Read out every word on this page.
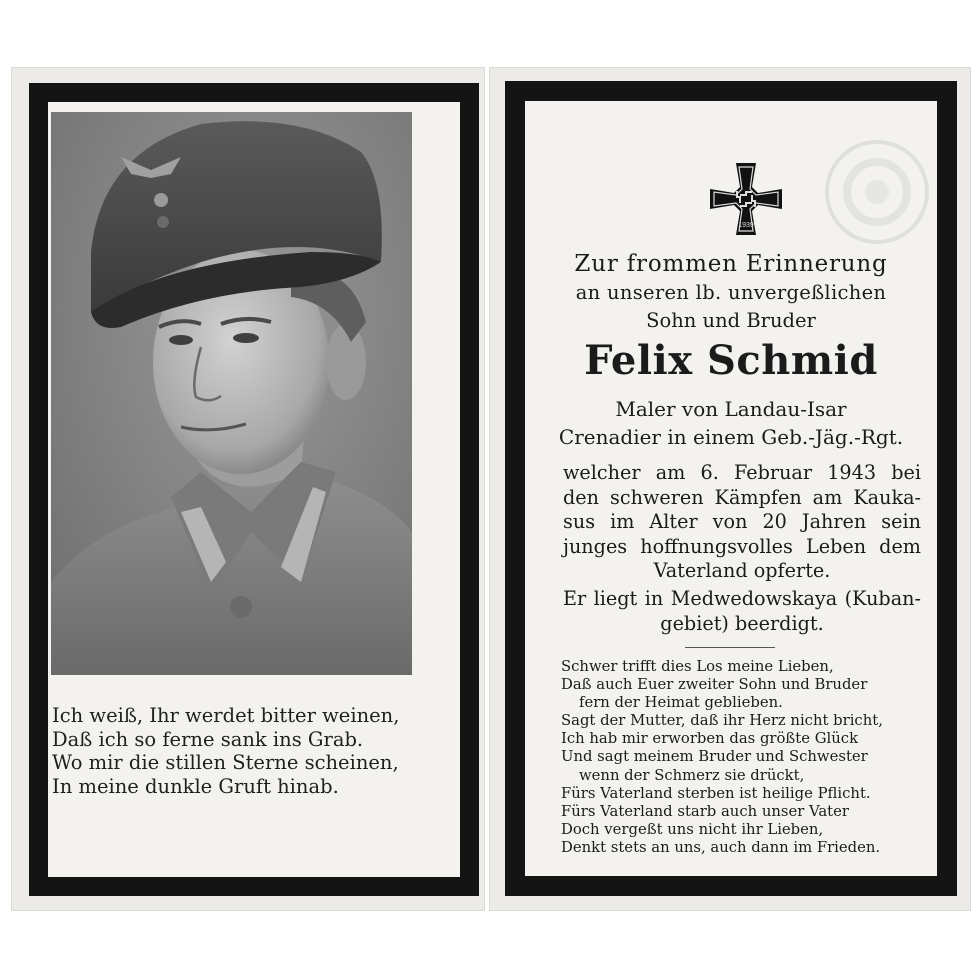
Ich weiß, Ihr werdet bitter weinen,
Daß ich so ferne sank ins Grab.
Wo mir die stillen Sterne scheinen,
In meine dunkle Gruft hinab.
1939
Zur frommen Erinnerung
an unseren lb. unvergeßlichen
Sohn und Bruder
Felix Schmid
Maler von Landau-Isar
Crenadier in einem Geb.-Jäg.-Rgt.
welcher am 6. Februar 1943 bei
den schweren Kämpfen am Kauka-
sus im Alter von 20 Jahren sein
junges hoffnungsvolles Leben dem
Vaterland opferte.
Er liegt in Medwedowskaya (Kuban-
gebiet) beerdigt.
Schwer trifft dies Los meine Lieben,
Daß auch Euer zweiter Sohn und Bruder
fern der Heimat geblieben.
Sagt der Mutter, daß ihr Herz nicht bricht,
Ich hab mir erworben das größte Glück
Und sagt meinem Bruder und Schwester
wenn der Schmerz sie drückt,
Fürs Vaterland sterben ist heilige Pflicht.
Fürs Vaterland starb auch unser Vater
Doch vergeßt uns nicht ihr Lieben,
Denkt stets an uns, auch dann im Frieden.
